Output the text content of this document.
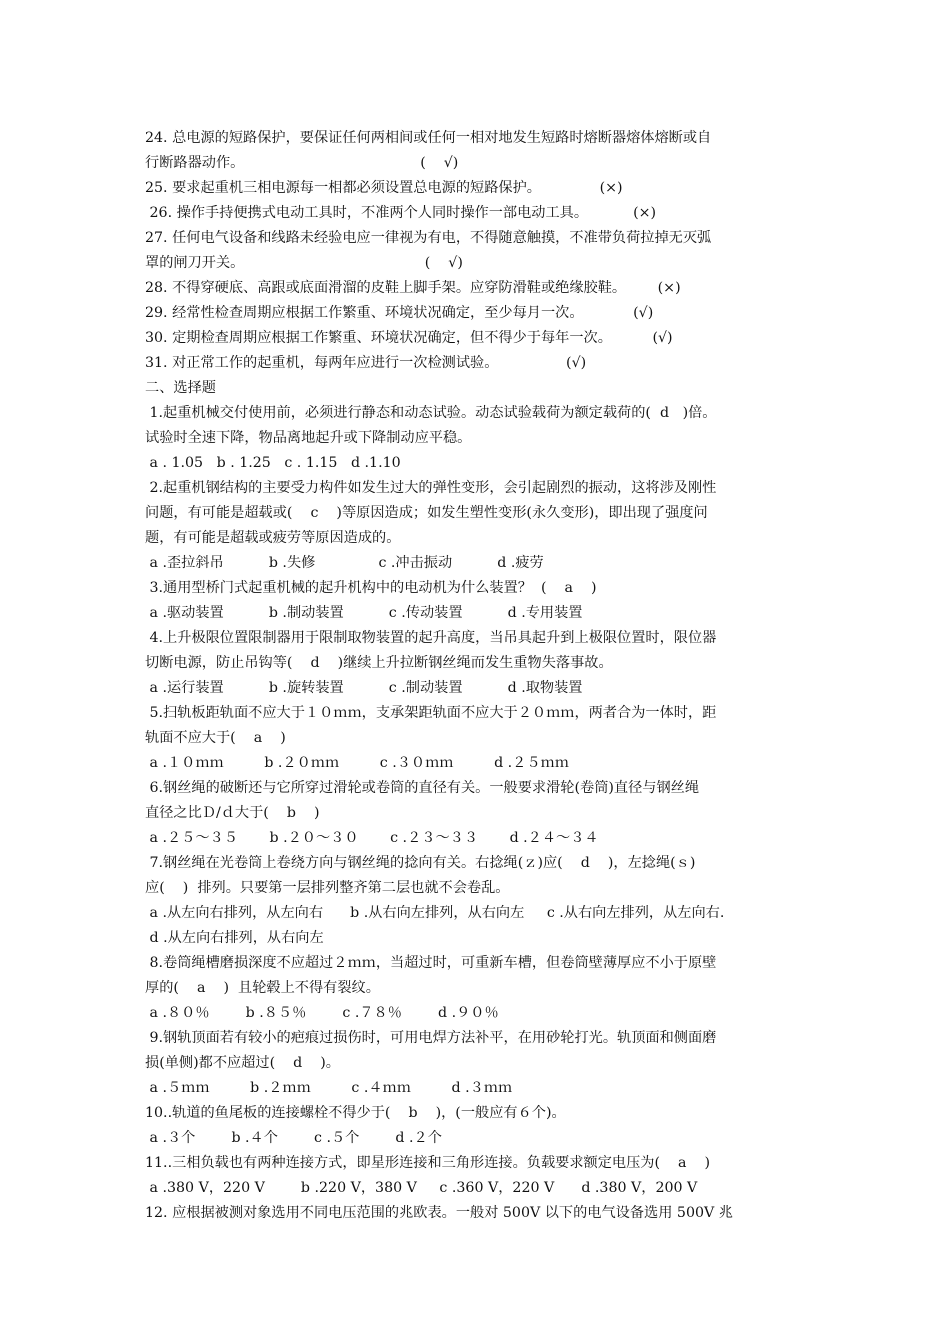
24. 总电源的短路保护，要保证任何两相间或任何一相对地发生短路时熔断器熔体熔断或自
行断路器动作。                                       (    √)
25. 要求起重机三相电源每一相都必须设置总电源的短路保护。             (×)
26. 操作手持便携式电动工具时，不准两个人同时操作一部电动工具。          (×)
27. 任何电气设备和线路未经验电应一律视为有电，不得随意触摸，不准带负荷拉掉无灭弧
罩的闸刀开关。                                        (    √)
28. 不得穿硬底、高跟或底面滑溜的皮鞋上脚手架。应穿防滑鞋或绝缘胶鞋。       (×)
29. 经常性检查周期应根据工作繁重、环境状况确定，至少每月一次。           (√)
30. 定期检查周期应根据工作繁重、环境状况确定，但不得少于每年一次。         (√)
31. 对正常工作的起重机，每两年应进行一次检测试验。               (√)
二、选择题
1.起重机械交付使用前，必须进行静态和动态试验。动态试验载荷为额定载荷的(  d   )倍。
试验时全速下降，物品离地起升或下降制动应平稳。
a . 1.05   b . 1.25   c . 1.15   d .1.10
2.起重机钢结构的主要受力构件如发生过大的弹性变形，会引起剧烈的振动，这将涉及刚性
问题，有可能是超载或(    c    )等原因造成；如发生塑性变形(永久变形)，即出现了强度问
题，有可能是超载或疲劳等原因造成的。
a .歪拉斜吊          b .失修              c .冲击振动          d .疲劳
3.通用型桥门式起重机械的起升机构中的电动机为什么装置？  (    a    )
a .驱动装置          b .制动装置          c .传动装置          d .专用装置
4.上升极限位置限制器用于限制取物装置的起升高度，当吊具起升到上极限位置时，限位器
切断电源，防止吊钩等(    d    )继续上升拉断钢丝绳而发生重物失落事故。
a .运行装置          b .旋转装置          c .制动装置          d .取物装置
5.扫轨板距轨面不应大于１０ｍｍ，支承架距轨面不应大于２０ｍｍ，两者合为一体时，距
轨面不应大于(    a    )
a .１０ｍｍ         b .２０ｍｍ         c .３０ｍｍ         d .２５ｍｍ
6.钢丝绳的破断还与它所穿过滑轮或卷筒的直径有关。一般要求滑轮(卷筒)直径与钢丝绳
直径之比Ｄ/ｄ大于(    b    )
a .２５～３５       b .２０～３０       c .２３～３３       d .２４～３４
7.钢丝绳在光卷筒上卷绕方向与钢丝绳的捻向有关。右捻绳(ｚ)应(    d    )，左捻绳(ｓ)
应(    )  排列。只要第一层排列整齐第二层也就不会卷乱。
a .从左向右排列，从左向右      b .从右向左排列，从右向左     c .从右向左排列，从左向右.
d .从左向右排列，从右向左
8.卷筒绳槽磨损深度不应超过２ｍｍ，当超过时，可重新车槽，但卷筒壁薄厚应不小于原壁
厚的(    a    )  且轮毂上不得有裂纹。
a .８０％        b .８５％        c .７８％        d .９０％
9.钢轨顶面若有较小的疤痕过损伤时，可用电焊方法补平，在用砂轮打光。轨顶面和侧面磨
损(单侧)都不应超过(    d    )。
a .５ｍｍ         b .２ｍｍ         c .４ｍｍ         d .３ｍｍ
10..轨道的鱼尾板的连接螺栓不得少于(    b    )，(一般应有６个)。
a .３个        b .４个        c .５个        d .２个
11..三相负载也有两种连接方式，即星形连接和三角形连接。负载要求额定电压为(    a    )
a .380 V，220 V        b .220 V，380 V     c .360 V，220 V      d .380 V，200 V
12. 应根据被测对象选用不同电压范围的兆欧表。一般对 500V 以下的电气设备选用 500V 兆
